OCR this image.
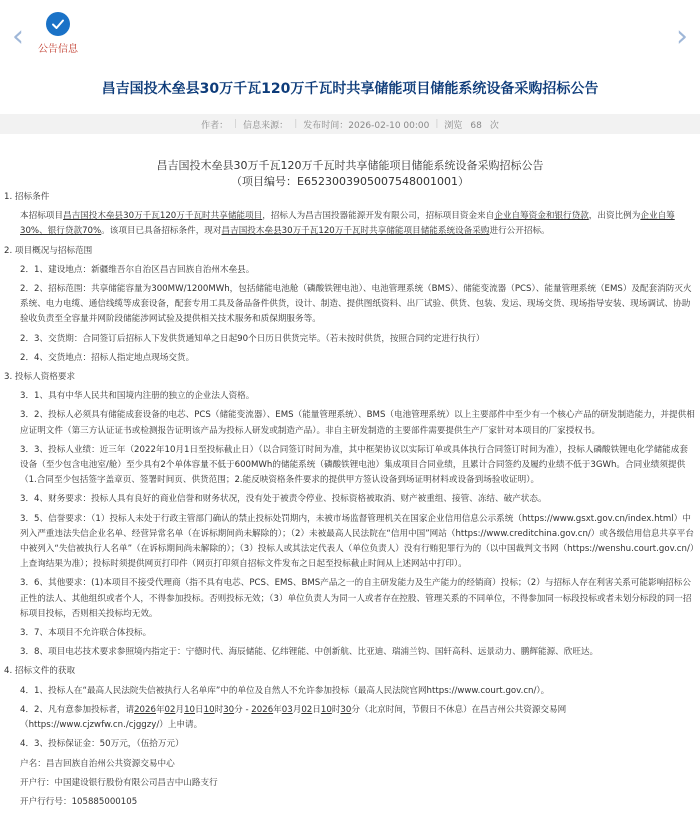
‹	公告信息	›
昌吉国投木垒县30万千瓦120万千瓦时共享储能项目储能系统设备采购招标公告
作者： | 信息来源： | 发布时间：2026-02-10 00:00 | 浏览 68 次
昌吉国投木垒县30万千瓦120万千瓦时共享储能项目储能系统设备采购招标公告
（项目编号：E6523003905007548001001）

1. 招标条件

本招标项目昌吉国投木垒县30万千瓦120万千瓦时共享储能项目，招标人为昌吉国投器能源开发有限公司，招标项目资金来自企业自筹资金和银行贷款，出资比例为企业自筹30%、银行贷款70%。该项目已具备招标条件，现对昌吉国投木垒县30万千瓦120万千瓦时共享储能项目储能系统设备采购进行公开招标。

2. 项目概况与招标范围

2．1、建设地点：新疆维吾尔自治区昌吉回族自治州木垒县。

2．2、招标范围：共享储能容量为300MW/1200MWh，包括储能电池舱（磷酸铁锂电池）、电池管理系统（BMS）、储能变流器（PCS）、能量管理系统（EMS）及配套消防灭火系统、电力电缆、通信线缆等成套设备，配套专用工具及备品备件供货，设计、制造、提供图纸资料、出厂试验、供货、包装、发运、现场交货、现场指导安装、现场调试、协助验收负责至全容量并网阶段储能涉网试验及提供相关技术服务和质保期服务等。

2．3、交货期：合同签订后招标人下发供货通知单之日起90个日历日供货完毕。（若未按时供货，按照合同约定进行执行）

2．4、交货地点：招标人指定地点现场交货。

3. 投标人资格要求

3．1、具有中华人民共和国境内注册的独立的企业法人资格。

3．2、投标人必须具有储能成套设备的电芯、PCS（储能变流器）、EMS（能量管理系统）、BMS（电池管理系统）以上主要部件中至少有一个核心产品的研发制造能力，并提供相应证明文件（第三方认证证书或检测报告证明该产品为投标人研发或制造产品）。非自主研发制造的主要部件需要提供生产厂家针对本项目的厂家授权书。

3．3、投标人业绩：近三年（2022年10月1日至投标截止日）（以合同签订时间为准，其中框架协议以实际订单或具体执行合同签订时间为准），投标人磷酸铁锂电化学储能成套设备（至少包含电池室/舱）至少具有2个单体容量不低于600MWh的储能系统（磷酸铁锂电池）集成项目合同业绩，且累计合同签约及履约业绩不低于3GWh。合同业绩须提供（1.合同至少包括签字盖章页、签署时间页、供货范围；2.能反映资格条件要求的提供甲方签认设备到场证明材料或设备到场验收证明）。

3．4、财务要求：投标人具有良好的商业信誉和财务状况，没有处于被责令停业、投标资格被取消、财产被重组、接管、冻结、破产状态。

3．5、信誉要求：（1）投标人未处于行政主管部门确认的禁止投标处罚期内，未被市场监督管理机关在国家企业信用信息公示系统（https://www.gsxt.gov.cn/index.html）中列入严重违法失信企业名单、经营异常名单（在诉标期间尚未解除的）；（2）未被最高人民法院在“信用中国”网站（https://www.creditchina.gov.cn/）或各级信用信息共享平台中被列入“失信被执行人名单”（在诉标期间尚未解除的）；（3）投标人或其法定代表人（单位负责人）没有行贿犯罪行为的（以中国裁判文书网（https://wenshu.court.gov.cn/）上查询结果为准）；投标时须提供网页打印件（网页打印须自招标文件发布之日起至投标截止时间从上述网站中打印）。

3．6、其他要求：(1)本项目不接受代理商（指不具有电芯、PCS、EMS、BMS产品之一的自主研发能力及生产能力的经销商）投标；（2）与招标人存在利害关系可能影响招标公正性的法人、其他组织或者个人，不得参加投标。否则投标无效；（3）单位负责人为同一人或者存在控股、管理关系的不同单位，不得参加同一标段投标或者未划分标段的同一招标项目投标，否则相关投标均无效。

3．7、本项目不允许联合体投标。

3．8、项目电芯技术要求参照境内指定于：宁德时代、海辰储能、亿纬锂能、中创新航、比亚迪、瑞浦兰钧、国轩高科、远景动力、鹏辉能源、欣旺达。

4. 招标文件的获取

4．1、投标人在“最高人民法院失信被执行人名单库”中的单位及自然人不允许参加投标（最高人民法院官网https://www.court.gov.cn/）。

4．2、凡有意参加投标者，请2026年02月10日10时30分 - 2026年03月02日10时30分（北京时间，节假日不休息）在昌吉州公共资源交易网（https://www.cjzwfw.cn./cjggzy/）上申请。

4．3、投标保证金：50万元，（伍拾万元）

户名：昌吉回族自治州公共资源交易中心

开户行：中国建设银行股份有限公司昌吉中山路支行

开户行行号：105885000105
